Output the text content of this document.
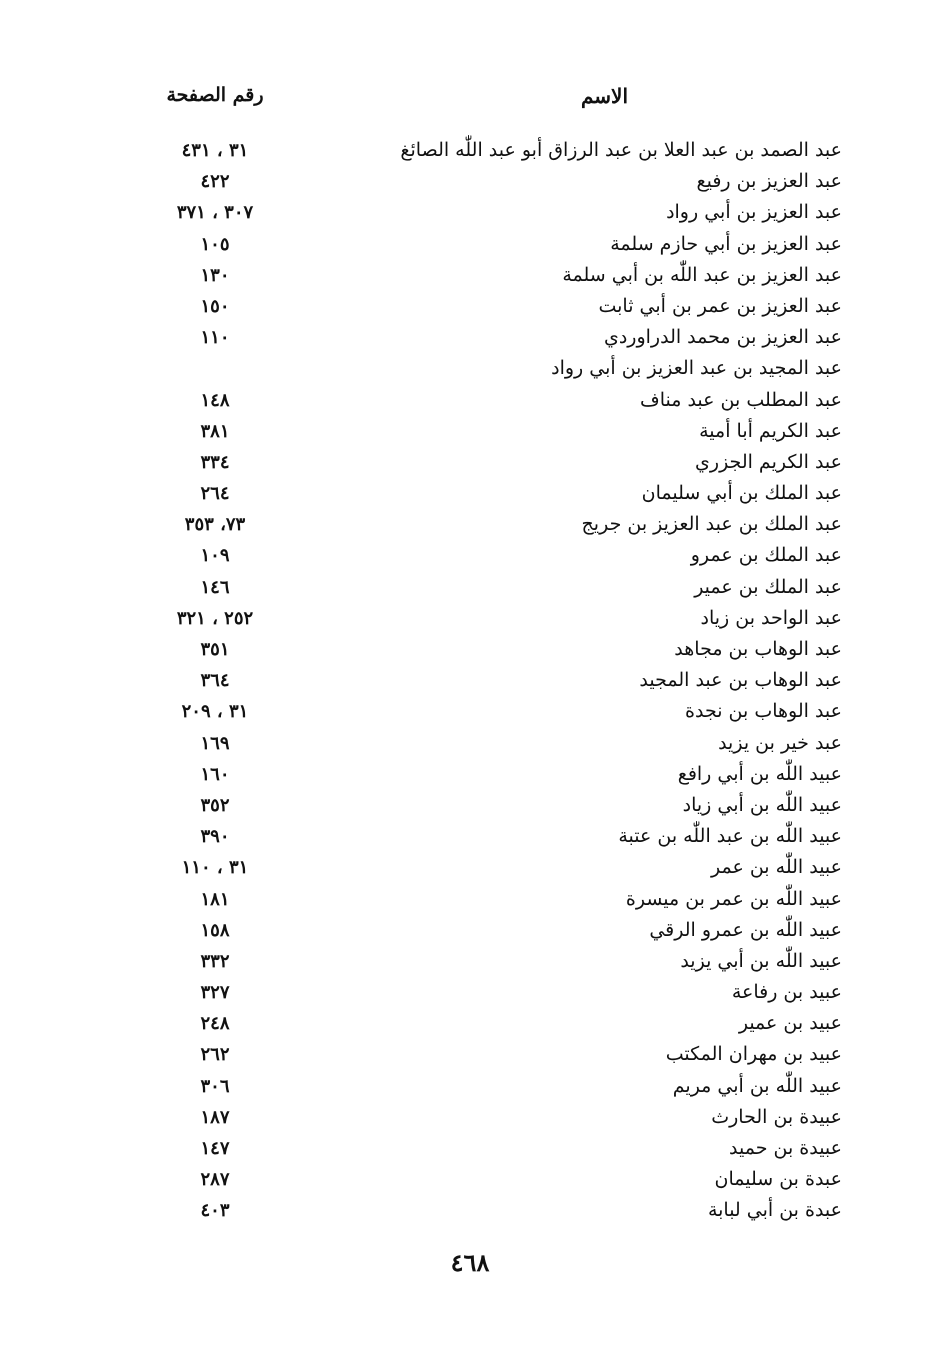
الاسم
رقم الصفحة
عبد الصمد بن عبد العلا بن عبد الرزاق أبو عبد اللّٰه الصائغ
٣١ ، ٤٣١
عبد العزيز بن رفيع
٤٢٢
عبد العزيز بن أبي رواد
٣٠٧ ، ٣٧١
عبد العزيز بن أبي حازم سلمة
١٠٥
عبد العزيز بن عبد اللّٰه بن أبي سلمة
١٣٠
عبد العزيز بن عمر بن أبي ثابت
١٥٠
عبد العزيز بن محمد الدراوردي
١١٠
عبد المجيد بن عبد العزيز بن أبي رواد
عبد المطلب بن عبد مناف
١٤٨
عبد الكريم أبا أمية
٣٨١
عبد الكريم الجزري
٣٣٤
عبد الملك بن أبي سليمان
٢٦٤
عبد الملك بن عبد العزيز بن جريج
٧٣، ٣٥٣
عبد الملك بن عمرو
١٠٩
عبد الملك بن عمير
١٤٦
عبد الواحد بن زياد
٢٥٢ ، ٣٢١
عبد الوهاب بن مجاهد
٣٥١
عبد الوهاب بن عبد المجيد
٣٦٤
عبد الوهاب بن نجدة
٣١ ، ٢٠٩
عبد خير بن يزيد
١٦٩
عبيد اللّٰه بن أبي رافع
١٦٠
عبيد اللّٰه بن أبي زياد
٣٥٢
عبيد اللّٰه بن عبد اللّٰه بن عتبة
٣٩٠
عبيد اللّٰه بن عمر
٣١ ، ١١٠
عبيد اللّٰه بن عمر بن ميسرة
١٨١
عبيد اللّٰه بن عمرو الرقي
١٥٨
عبيد اللّٰه بن أبي يزيد
٣٣٢
عبيد بن رفاعة
٣٢٧
عبيد بن عمير
٢٤٨
عبيد بن مهران المكتب
٢٦٢
عبيد اللّٰه بن أبي مريم
٣٠٦
عبيدة بن الحارث
١٨٧
عبيدة بن حميد
١٤٧
عبدة بن سليمان
٢٨٧
عبدة بن أبي لبابة
٤٠٣
٤٦٨
